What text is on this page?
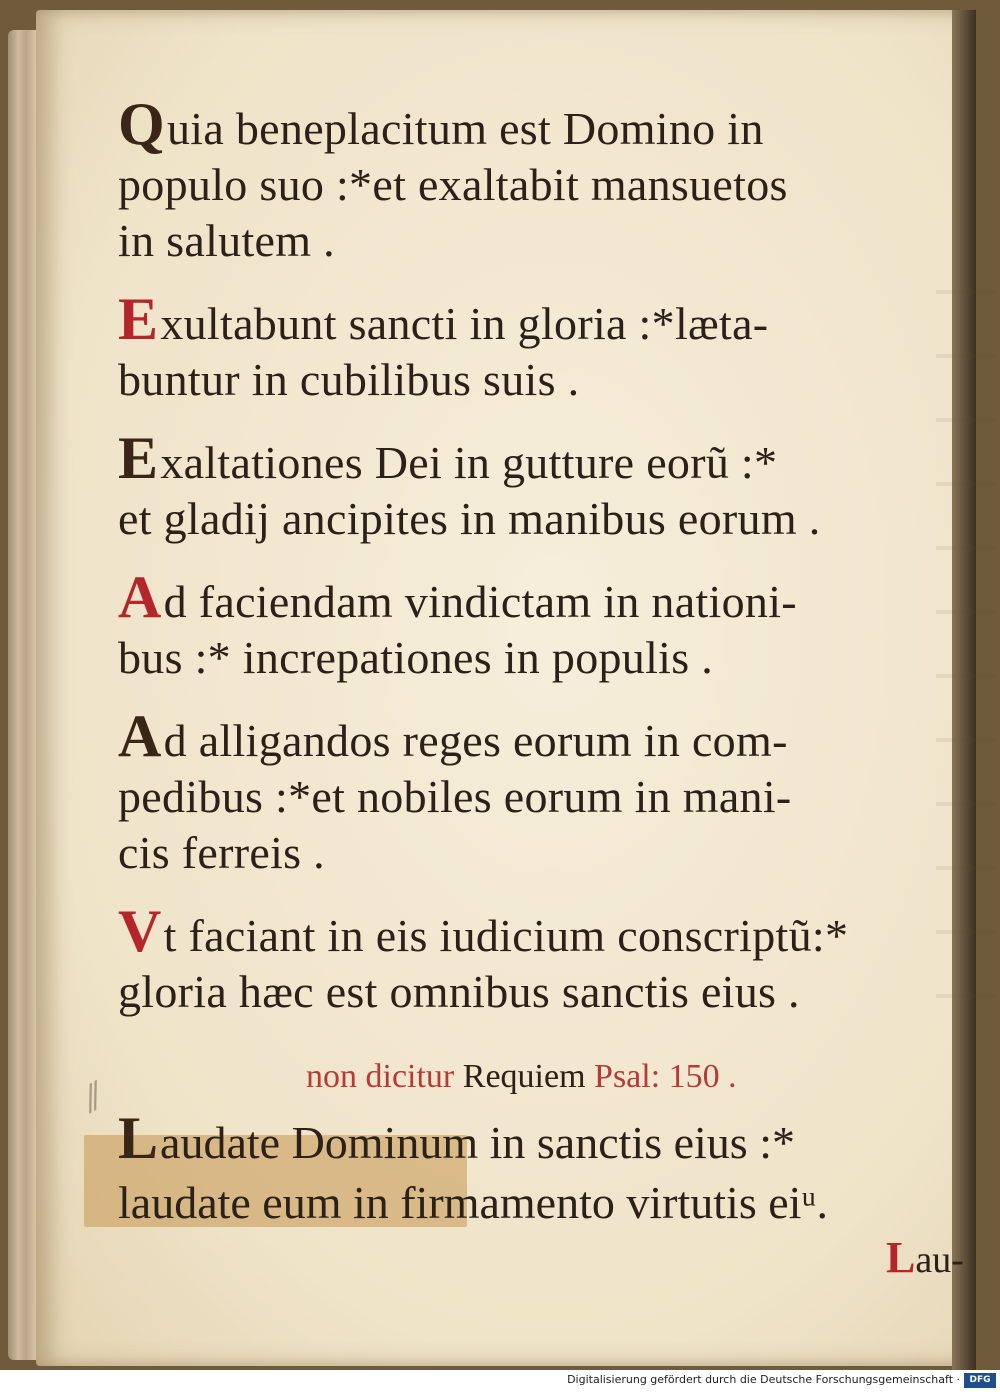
Quia beneplacitum est Domino in
populo suo :*et exaltabit mansuetos
in salutem .
Exultabunt sancti in gloria :*læta-
buntur in cubilibus suis .
Exaltationes Dei in gutture eorũ :*
et gladij ancipites in manibus eorum .
Ad faciendam vindictam in nationi-
bus :* increpationes in populis .
Ad alligandos reges eorum in com-
pedibus :*et nobiles eorum in mani-
cis ferreis .
Vt faciant in eis iudicium conscriptũ:*
gloria hæc est omnibus sanctis eius .
non dicitur Requiem Psal: 150 .
Laudate Dominum in sanctis eius :*
laudate eum in firmamento virtutis eiᵘ.
Lau-
⁄⁄
Digitalisierung gefördert durch die Deutsche Forschungsgemeinschaft ·	DFG
